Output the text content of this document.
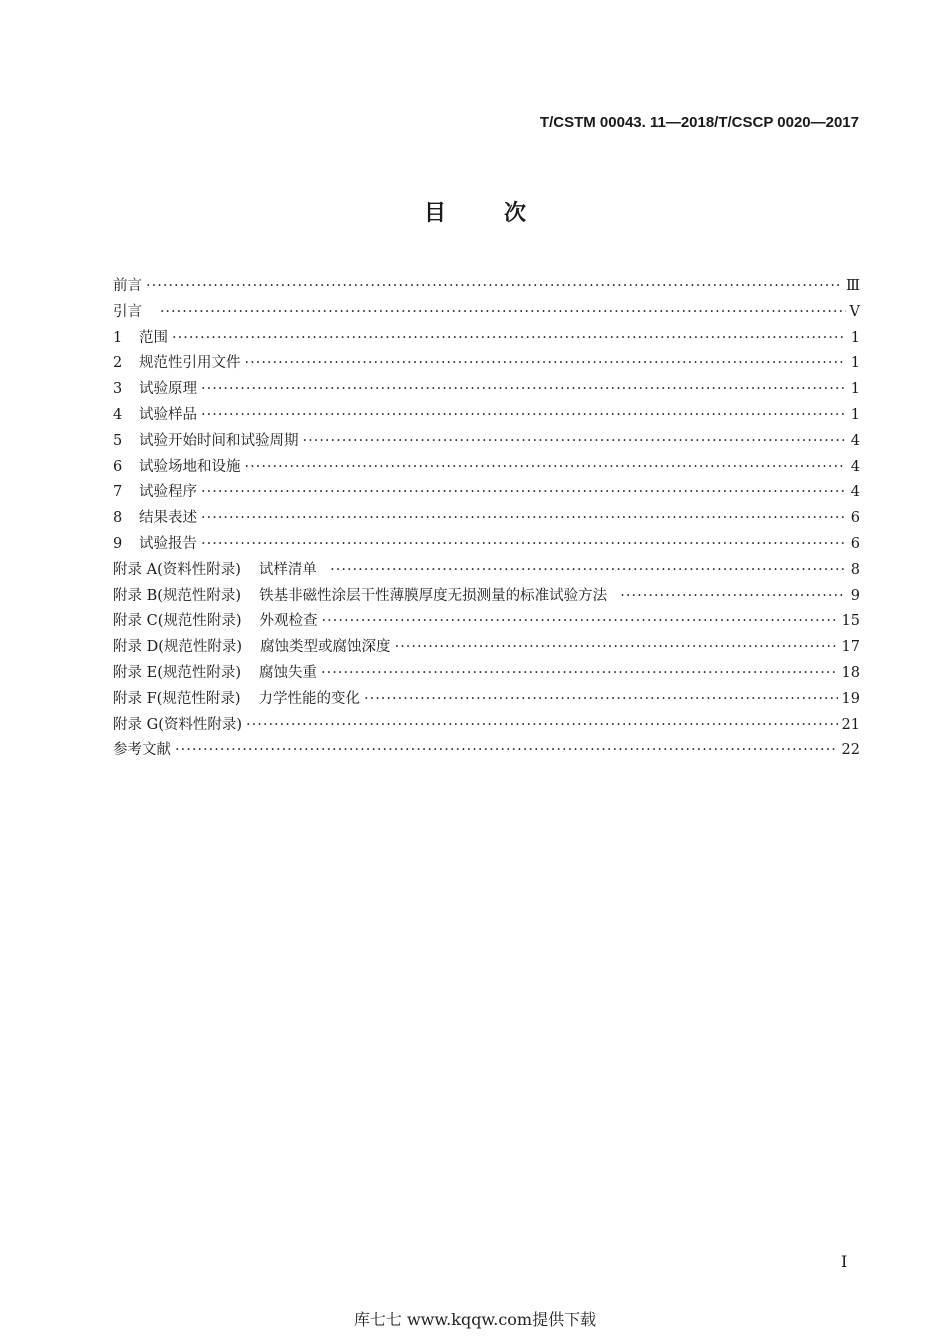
T/CSTM 00043. 11—2018/T/CSCP 0020—2017
目	次
前言 ·····	Ⅲ
引言 ·····	Ⅴ
1 范围 ·····	1
2 规范性引用文件 ·····	1
3 试验原理 ·····	1
4 试验样品 ·····	1
5 试验开始时间和试验周期 ·····	4
6 试验场地和设施 ·····	4
7 试验程序 ·····	4
8 结果表述 ·····	6
9 试验报告 ·····	6
附录 A(资料性附录) 试样清单 ·····	8
附录 B(规范性附录) 铁基非磁性涂层干性薄膜厚度无损测量的标准试验方法 ·····	9
附录 C(规范性附录) 外观检查 ·····	15
附录 D(规范性附录) 腐蚀类型或腐蚀深度 ·····	17
附录 E(规范性附录) 腐蚀失重 ·····	18
附录 F(规范性附录) 力学性能的变化 ·····	19
附录 G(资料性附录) ·····	21
参考文献 ·····	22
I
库七七 www.kqqw.com提供下载
